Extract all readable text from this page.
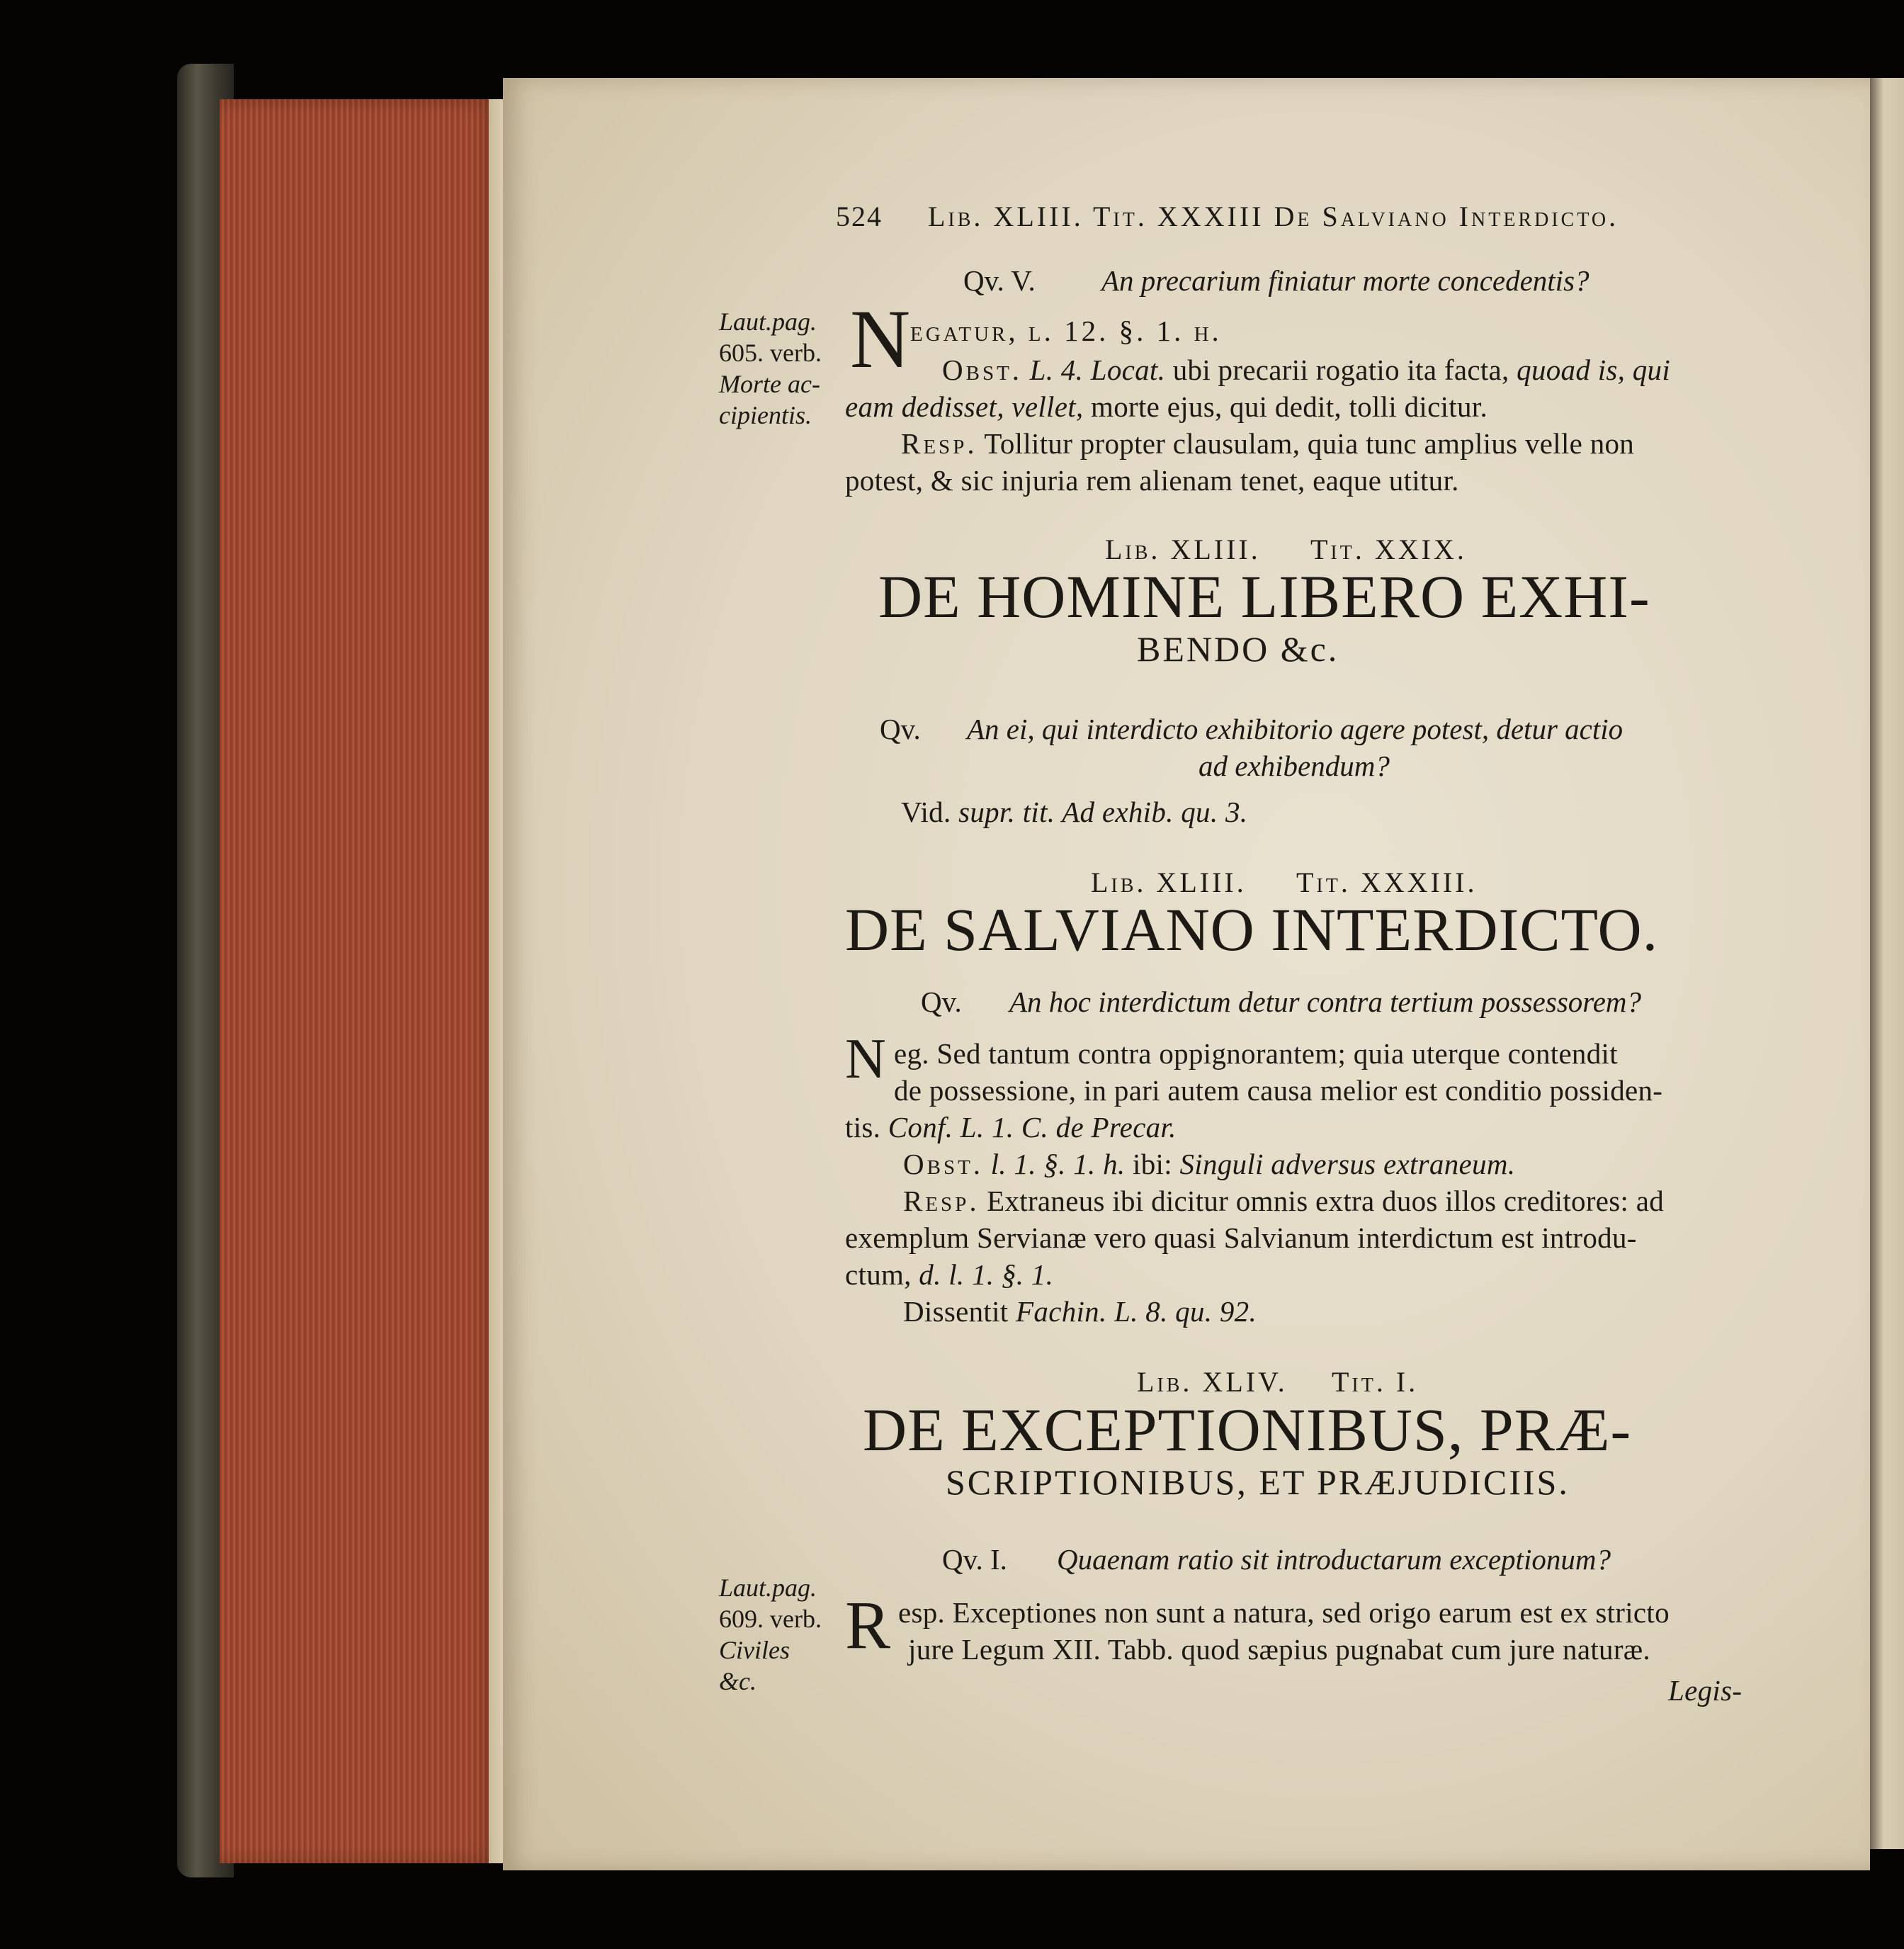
524 Lib. XLIII. Tit. XXXIII De Salviano Interdicto.
Qv. V. An precarium finiatur morte concedentis?
Laut.pag.
605. verb.
Morte ac-
cipientis.
N egatur, l. 12. §. 1. h.
Obst. L. 4. Locat. ubi precarii rogatio ita facta, quoad is, qui
eam dedisset, vellet, morte ejus, qui dedit, tolli dicitur.
Resp. Tollitur propter clausulam, quia tunc amplius velle non
potest, & sic injuria rem alienam tenet, eaque utitur.
Lib. XLIII. Tit. XXIX.
DE HOMINE LIBERO EXHI-
BENDO &c.
Qv. An ei, qui interdicto exhibitorio agere potest, detur actio
ad exhibendum?
Vid. supr. tit. Ad exhib. qu. 3.
Lib. XLIII. Tit. XXXIII.
DE SALVIANO INTERDICTO.
Qv. An hoc interdictum detur contra tertium possessorem?
N eg. Sed tantum contra oppignorantem; quia uterque contendit
de possessione, in pari autem causa melior est conditio possiden-
tis. Conf. L. 1. C. de Precar.
Obst. l. 1. §. 1. h. ibi: Singuli adversus extraneum.
Resp. Extraneus ibi dicitur omnis extra duos illos creditores: ad
exemplum Servianæ vero quasi Salvianum interdictum est introdu-
ctum, d. l. 1. §. 1.
Dissentit Fachin. L. 8. qu. 92.
Lib. XLIV. Tit. I.
DE EXCEPTIONIBUS, PRÆ-
SCRIPTIONIBUS, ET PRÆJUDICIIS.
Qv. I. Quaenam ratio sit introductarum exceptionum?
Laut.pag.
609. verb.
Civiles
&c.
R esp. Exceptiones non sunt a natura, sed origo earum est ex stricto
jure Legum XII. Tabb. quod sæpius pugnabat cum jure naturæ.
Legis-
